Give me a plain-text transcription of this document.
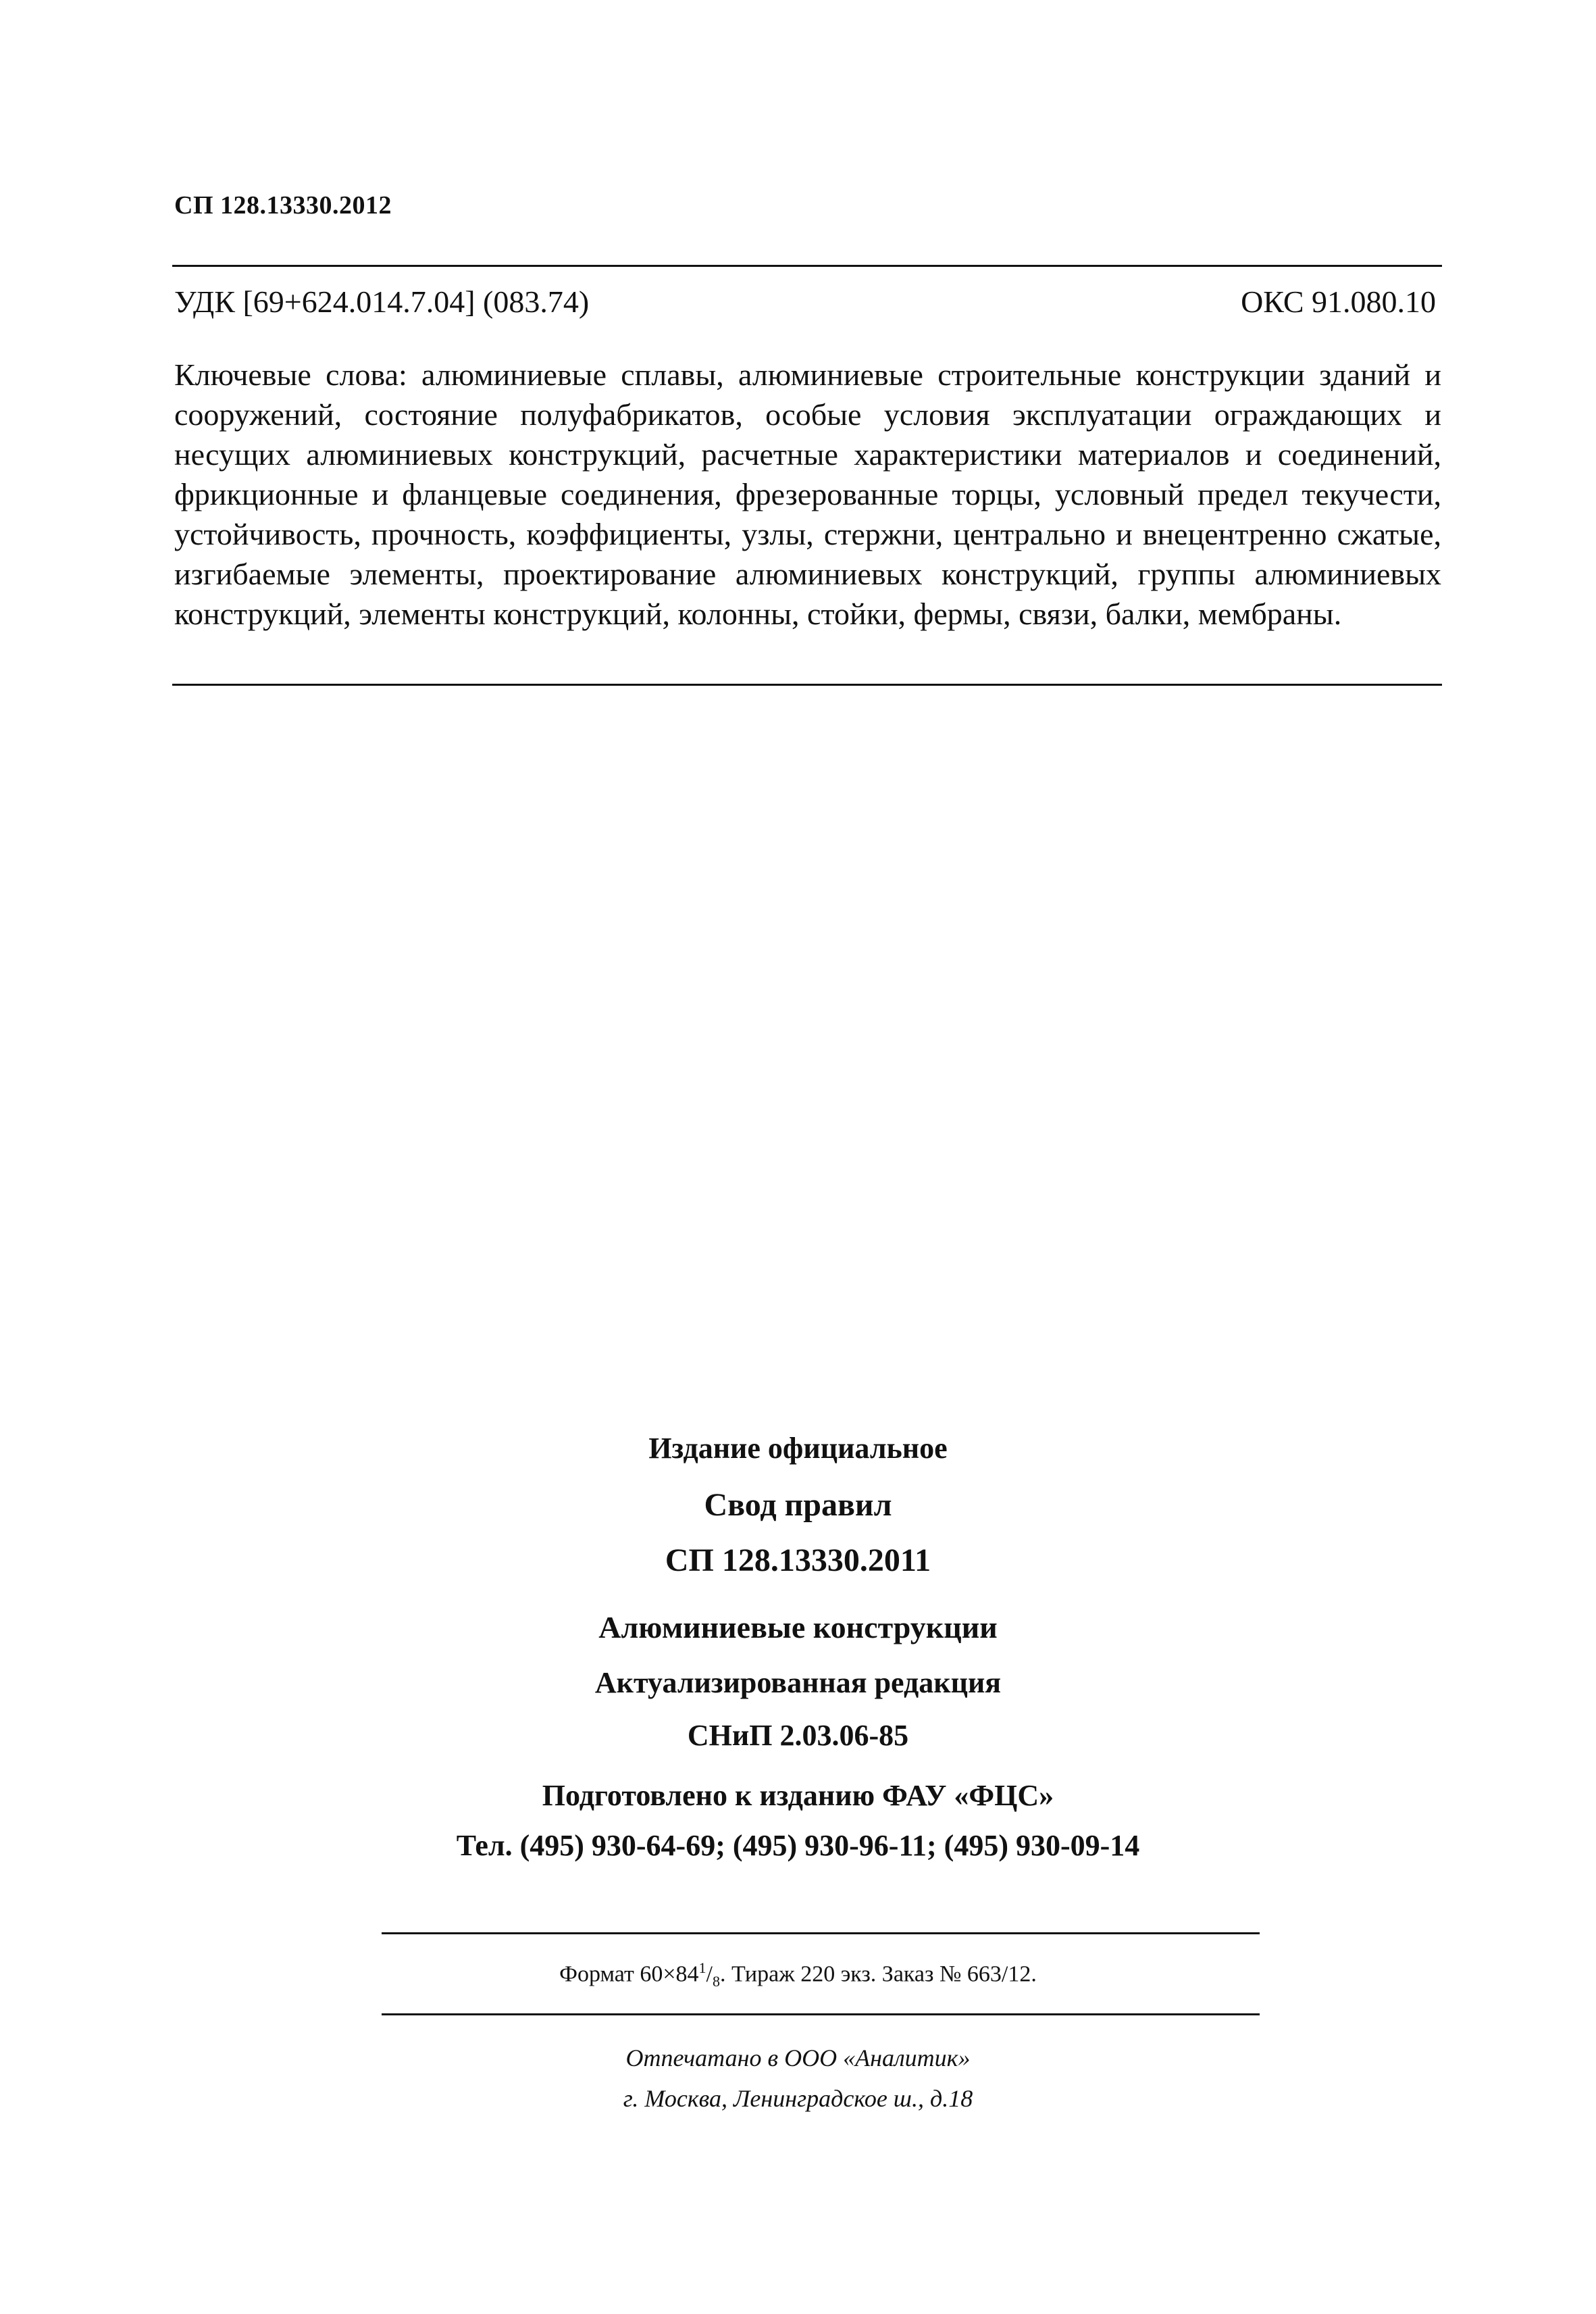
СП 128.13330.2012
УДК [69+624.014.7.04] (083.74)	ОКС 91.080.10
Ключевые слова: алюминиевые сплавы, алюминиевые строительные конструкции зданий и сооружений, состояние полуфабрикатов, особые условия эксплуатации ограждающих и несущих алюминиевых конструкций, расчетные характеристики материалов и соединений, фрикционные и фланцевые соединения, фрезерованные торцы, условный предел текучести, устойчивость, прочность, коэффициенты, узлы, стержни, центрально и внецентренно сжатые, изгибаемые элементы, проектирование алюминиевых конструкций, группы алюминиевых конструкций, элементы конструкций, колонны, стойки, фермы, связи, балки, мембраны.
Издание официальное
Свод правил
СП 128.13330.2011
Алюминиевые конструкции
Актуализированная редакция
СНиП 2.03.06-85
Подготовлено к изданию ФАУ «ФЦС»
Тел. (495) 930-64-69; (495) 930-96-11; (495) 930-09-14
Формат $60\times 84^1/_8$. Тираж 220 экз. Заказ № 663/12.
Отпечатано в ООО «Аналитик»
г. Москва, Ленинградское ш., д.18
